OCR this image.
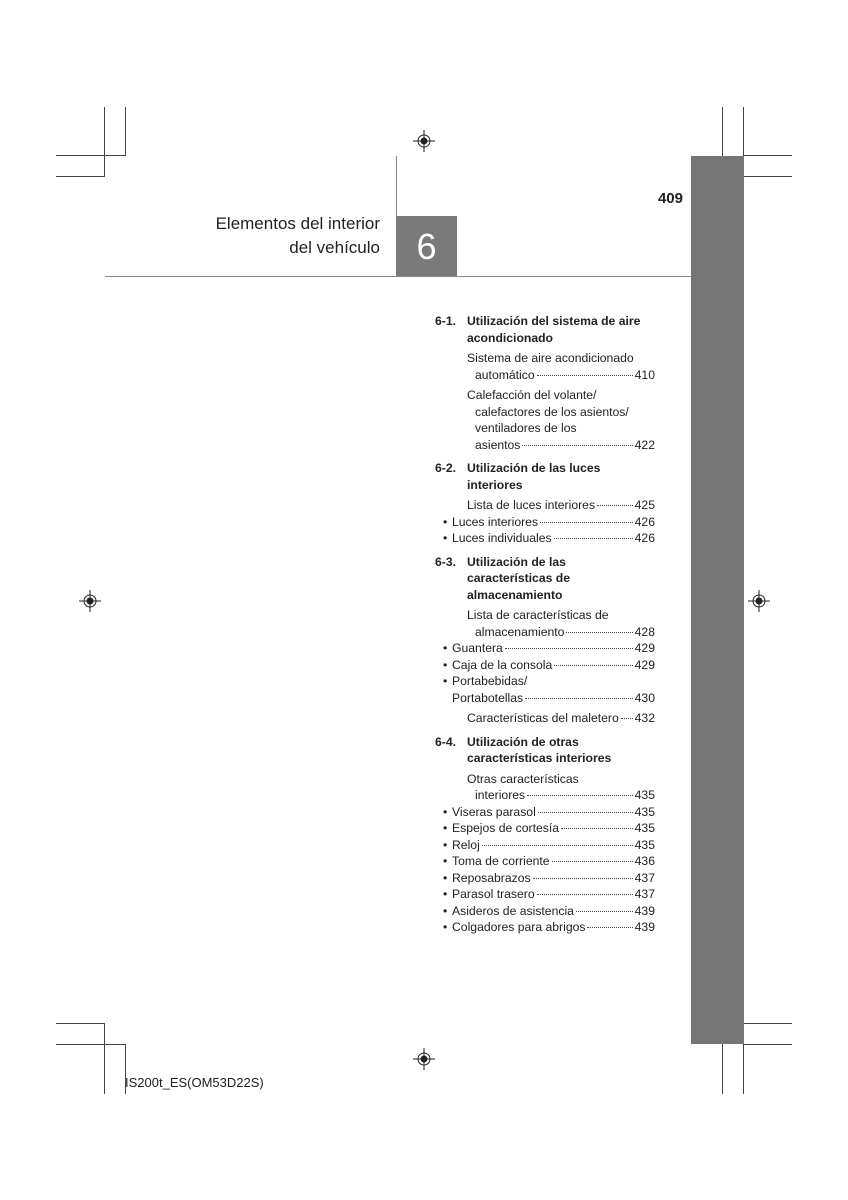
409
Elementos del interior
del vehículo	6
6-1. Utilización del sistema de aire
acondicionado
Sistema de aire acondicionado
automático	410
Calefacción del volante/
calefactores de los asientos/
ventiladores de los
asientos	422
6-2. Utilización de las luces
interiores
Lista de luces interiores	425
• Luces interiores	426
• Luces individuales	426
6-3. Utilización de las
características de
almacenamiento
Lista de características de
almacenamiento	428
• Guantera	429
• Caja de la consola	429
• Portabebidas/
Portabotellas	430
Características del maletero 432
6-4. Utilización de otras
características interiores
Otras características
interiores	435
• Viseras parasol	435
• Espejos de cortesía	435
• Reloj	435
• Toma de corriente	436
• Reposabrazos	437
• Parasol trasero	437
• Asideros de asistencia	439
• Colgadores para abrigos	439
IS200t_ES(OM53D22S)
